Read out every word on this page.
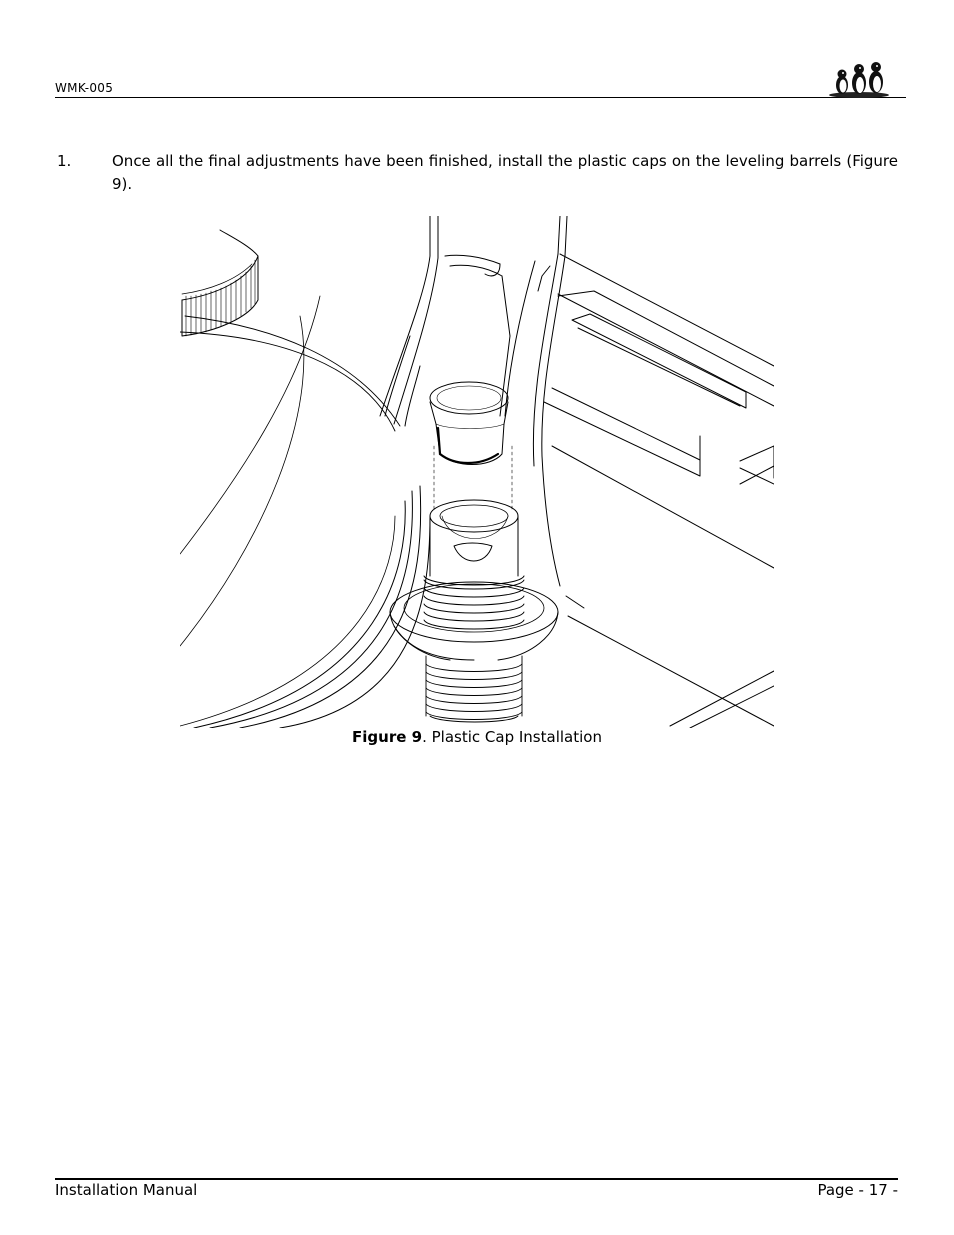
WMK-005
1.	Once all the final adjustments have been finished, install the plastic caps on the leveling barrels (Figure 9).
Figure 9. Plastic Cap Installation
Installation Manual	Page - 17 -
